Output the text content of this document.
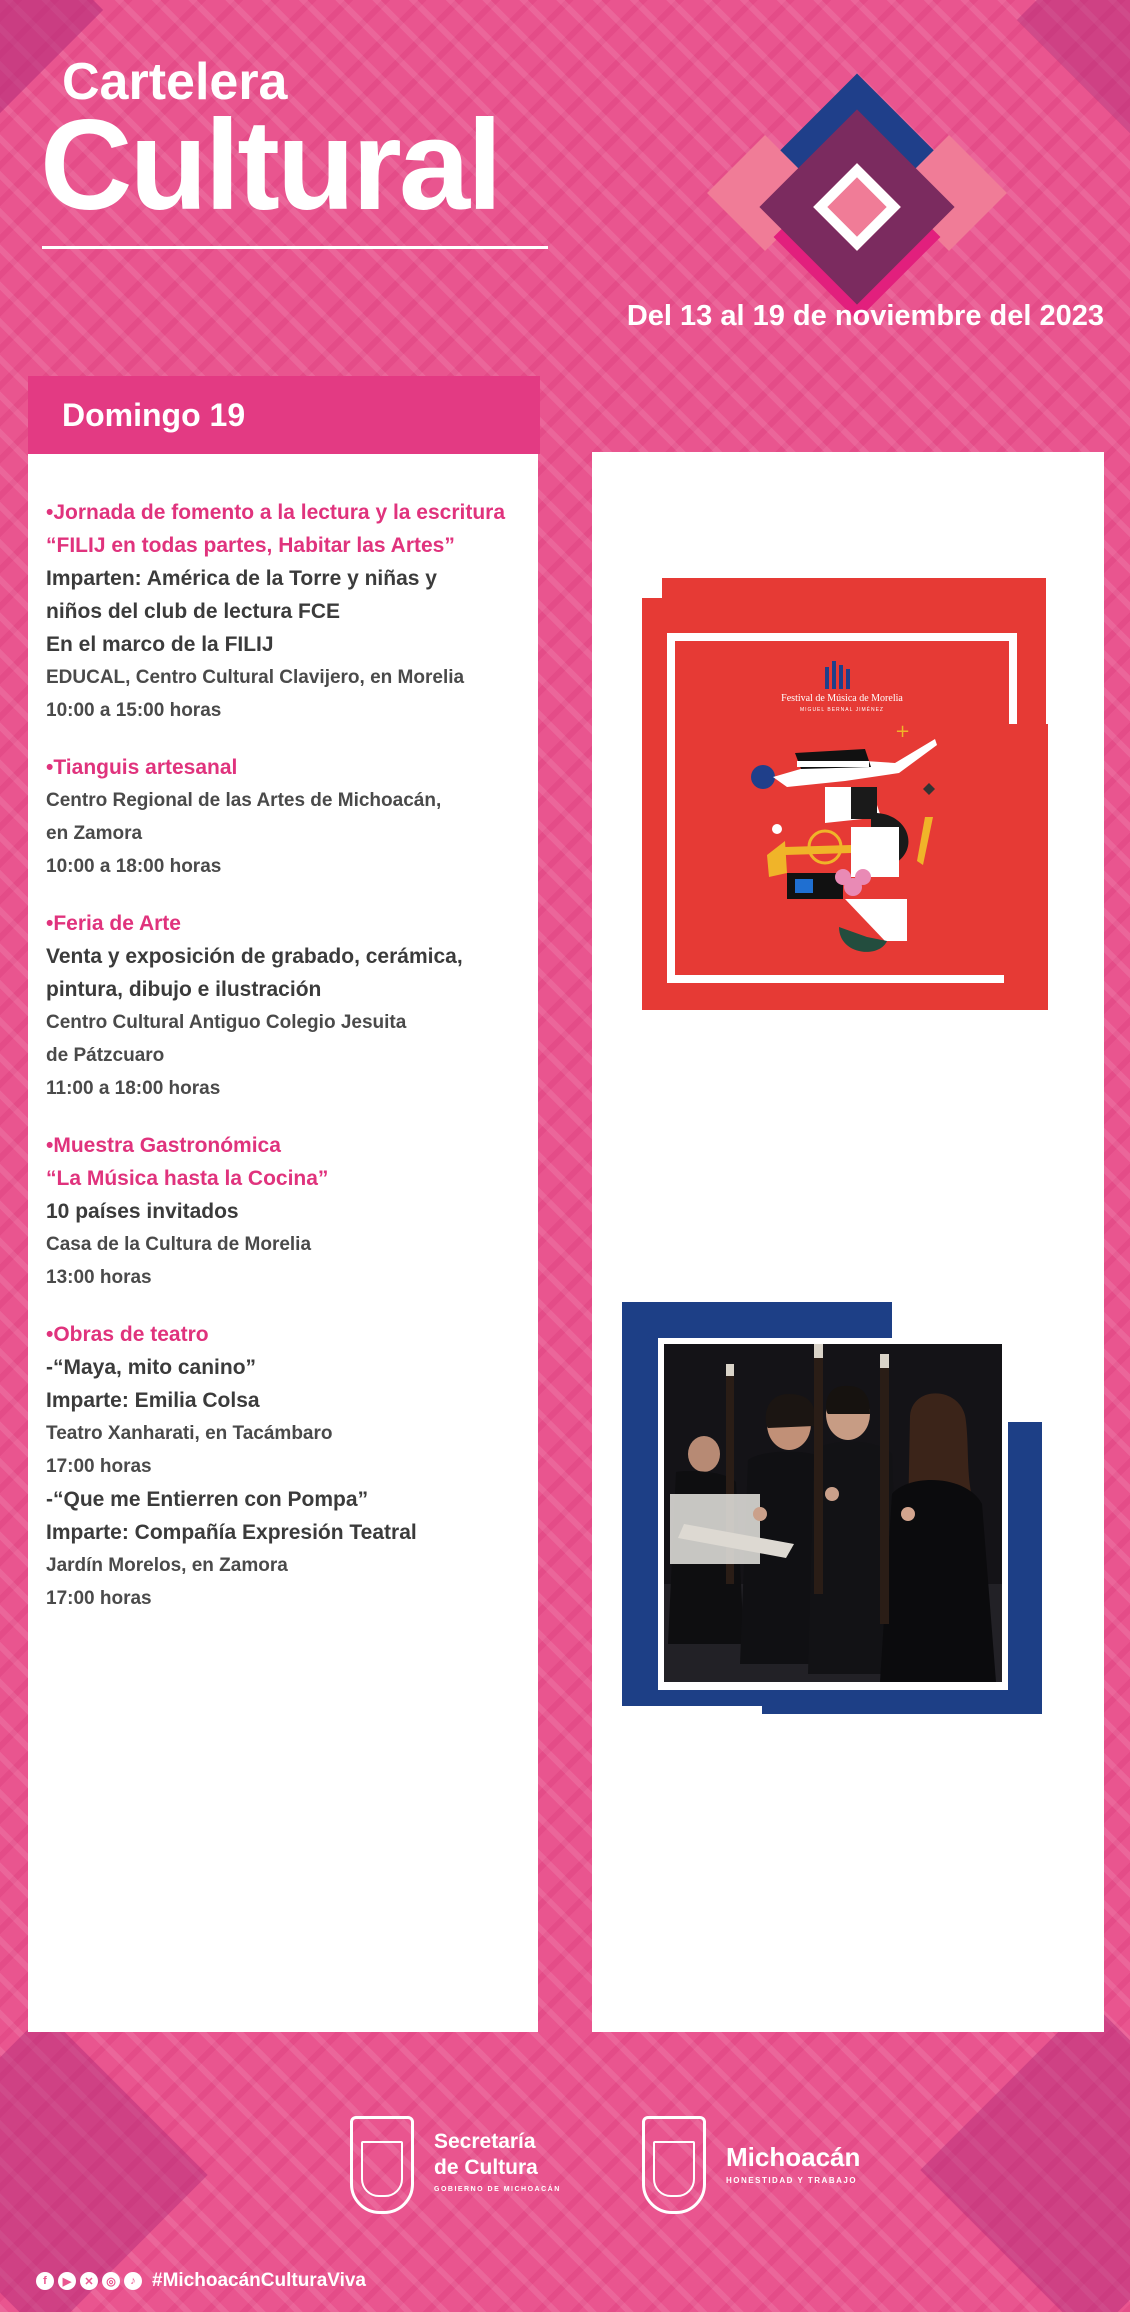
Cartelera
Cultural
Del 13 al 19 de noviembre del 2023
Domingo 19
•Jornada de fomento a la lectura y la escritura
“FILIJ en todas partes, Habitar las Artes”
Imparten: América de la Torre y niñas y
niños del club de lectura FCE
En el marco de la FILIJ
EDUCAL, Centro Cultural Clavijero, en Morelia
10:00 a 15:00 horas
•Tianguis artesanal
Centro Regional de las Artes de Michoacán,
en Zamora
10:00 a 18:00 horas
•Feria de Arte
Venta y exposición de grabado, cerámica,
pintura, dibujo e ilustración
Centro Cultural Antiguo Colegio Jesuita
de Pátzcuaro
11:00 a 18:00 horas
•Muestra Gastronómica
“La Música hasta la Cocina”
10 países invitados
Casa de la Cultura de Morelia
13:00 horas
•Obras de teatro
-“Maya, mito canino”
Imparte: Emilia Colsa
Teatro Xanharati, en Tacámbaro
17:00 horas
-“Que me Entierren con Pompa”
Imparte: Compañía Expresión Teatral
Jardín Morelos, en Zamora
17:00 horas
Festival de Música de Morelia
MIGUEL BERNAL JIMÉNEZ
+
Secretaría
de Cultura
GOBIERNO DE MICHOACÁN
Michoacán
HONESTIDAD Y TRABAJO
f	▶	✕	◎	♪ #MichoacánCulturaViva
